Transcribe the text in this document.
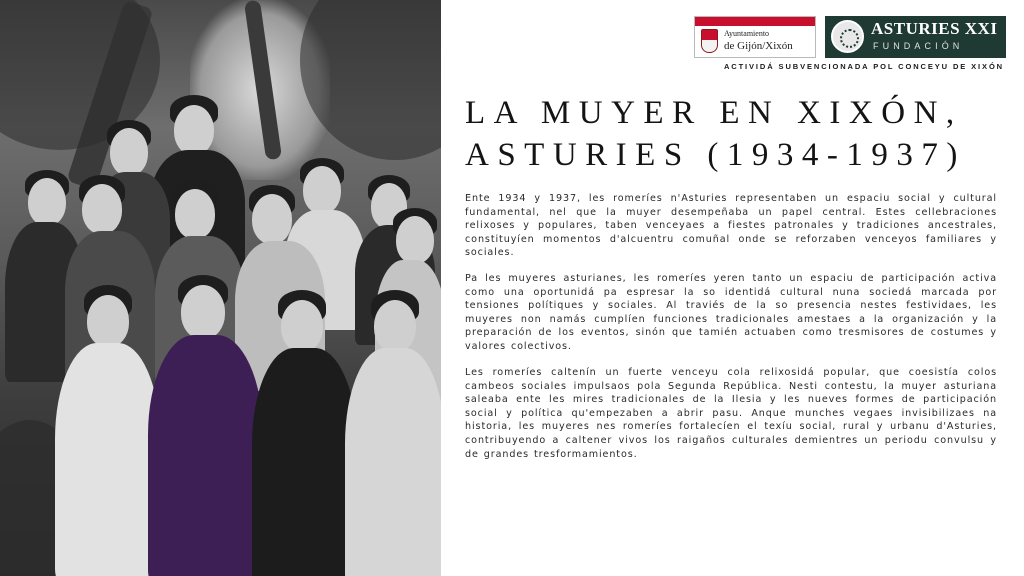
Ayuntamiento
de Gijón/Xixón
ASTURIES XXI
FUNDACIÓN
ACTIVIDÁ SUBVENCIONADA POL CONCEYU DE XIXÓN
LA MUYER EN XIXÓN,
ASTURIES (1934-1937)

Ente 1934 y 1937, les romeríes n'Asturies representaben un espaciu social y cultural fundamental, nel que la muyer desempeñaba un papel central. Estes cellebraciones relixoses y populares, taben venceyaes a fiestes patronales y tradiciones ancestrales, constituyíen momentos d'alcuentru comuñal onde se reforzaben venceyos familiares y sociales.

Pa les muyeres asturianes, les romeríes yeren tanto un espaciu de participación activa como una oportunidá pa espresar la so identidá cultural nuna sociedá marcada por tensiones polítiques y sociales. Al traviés de la so presencia nestes festividaes, les muyeres non namás cumplíen funciones tradicionales amestaes a la organización y la preparación de los eventos, sinón que tamién actuaben como tresmisores de costumes y valores colectivos.

Les romeríes caltenín un fuerte venceyu cola relixosidá popular, que coesistía colos cambeos sociales impulsaos pola Segunda República. Nesti contestu, la muyer asturiana saleaba ente les mires tradicionales de la Ilesia y les nueves formes de participación social y política qu'empezaben a abrir pasu. Anque munches vegaes invisibilizaes na historia, les muyeres nes romeríes fortalecíen el texíu social, rural y urbanu d'Asturies, contribuyendo a caltener vivos los raigaños culturales demientres un periodu convulsu y de grandes tresformamientos.
